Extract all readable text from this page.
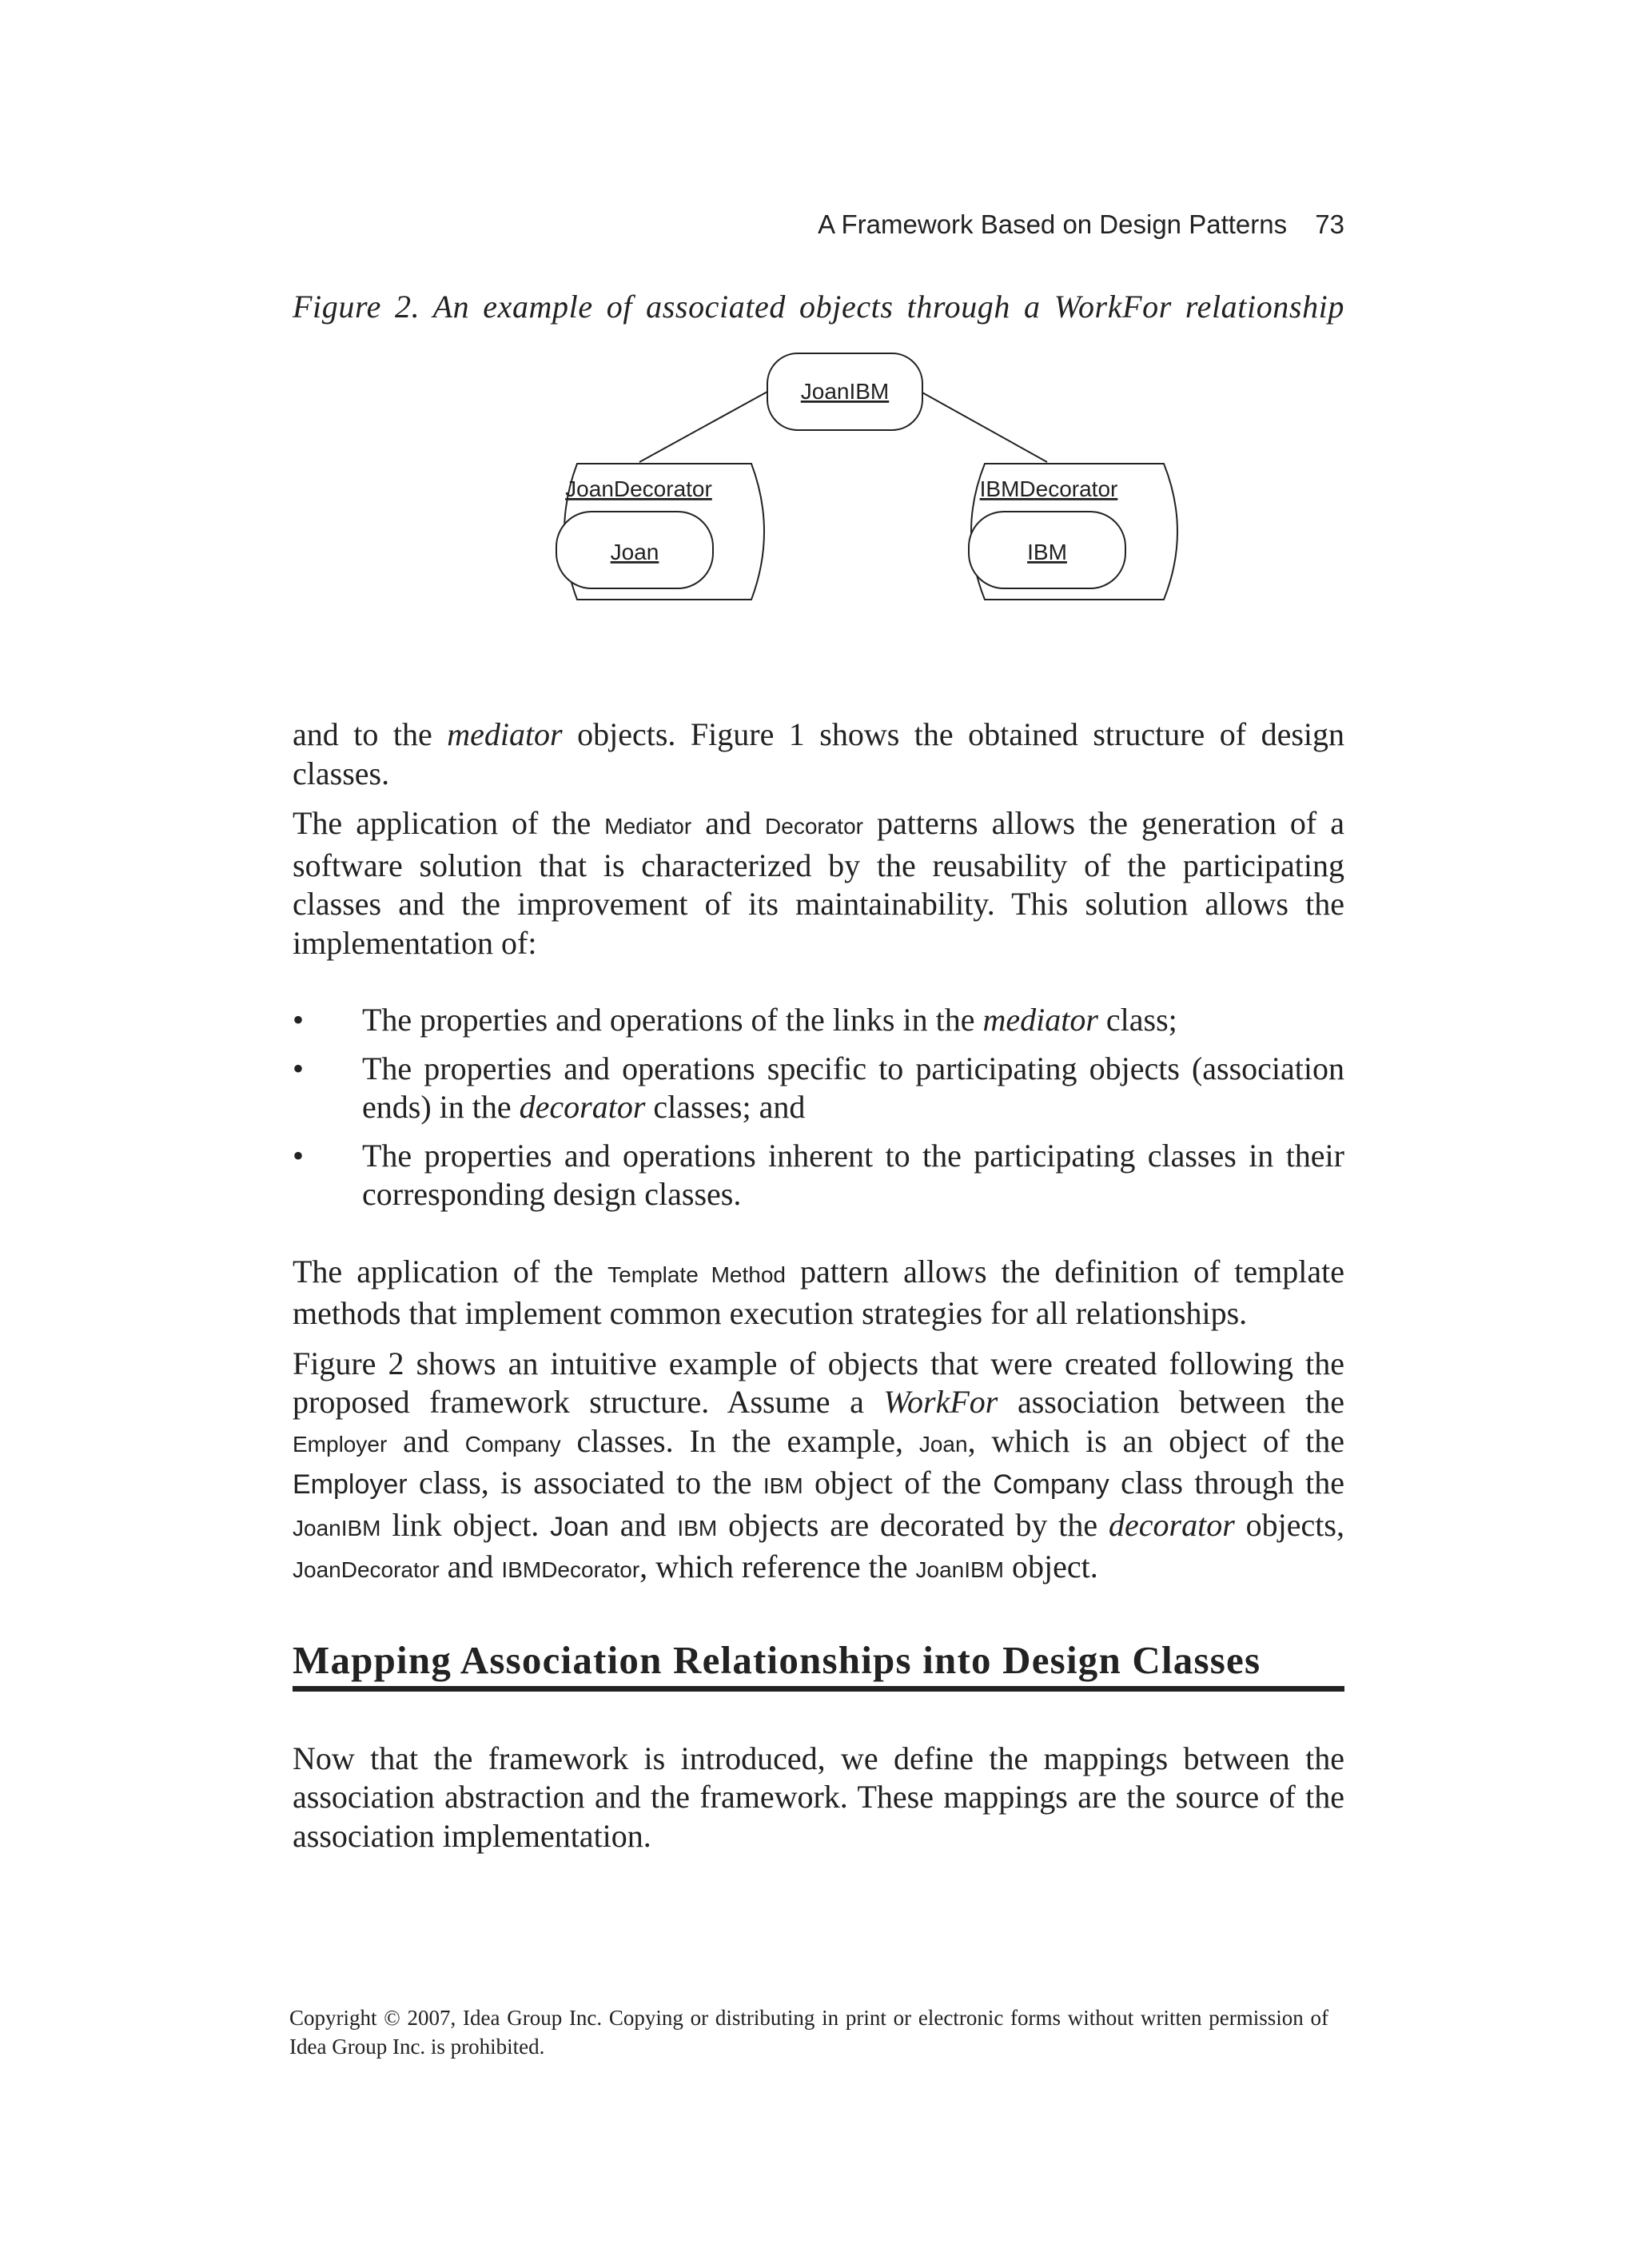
A Framework Based on Design Patterns 73
Figure 2. An example of associated objects through a WorkFor relationship
JoanIBM
JoanDecorator
Joan
IBMDecorator
IBM

and to the mediator objects. Figure 1 shows the obtained structure of design classes.

The application of the Mediator and Decorator patterns allows the generation of a software solution that is characterized by the reusability of the participating classes and the improvement of its maintainability. This solution allows the implementation of:

• The properties and operations of the links in the mediator class;
• The properties and operations specific to participating objects (association ends) in the decorator classes; and
• The properties and operations inherent to the participating classes in their corresponding design classes.

The application of the Template Method pattern allows the definition of template methods that implement common execution strategies for all relationships.

Figure 2 shows an intuitive example of objects that were created following the proposed framework structure. Assume a WorkFor association between the Employer and Company classes. In the example, Joan, which is an object of the Employer class, is associated to the IBM object of the Company class through the JoanIBM link object. Joan and IBM objects are decorated by the decorator objects, JoanDecorator and IBMDecorator, which reference the JoanIBM object.

Mapping Association Relationships into Design Classes

Now that the framework is introduced, we define the mappings between the association abstraction and the framework. These mappings are the source of the association implementation.

Copyright © 2007, Idea Group Inc. Copying or distributing in print or electronic forms without written permission of Idea Group Inc. is prohibited.
